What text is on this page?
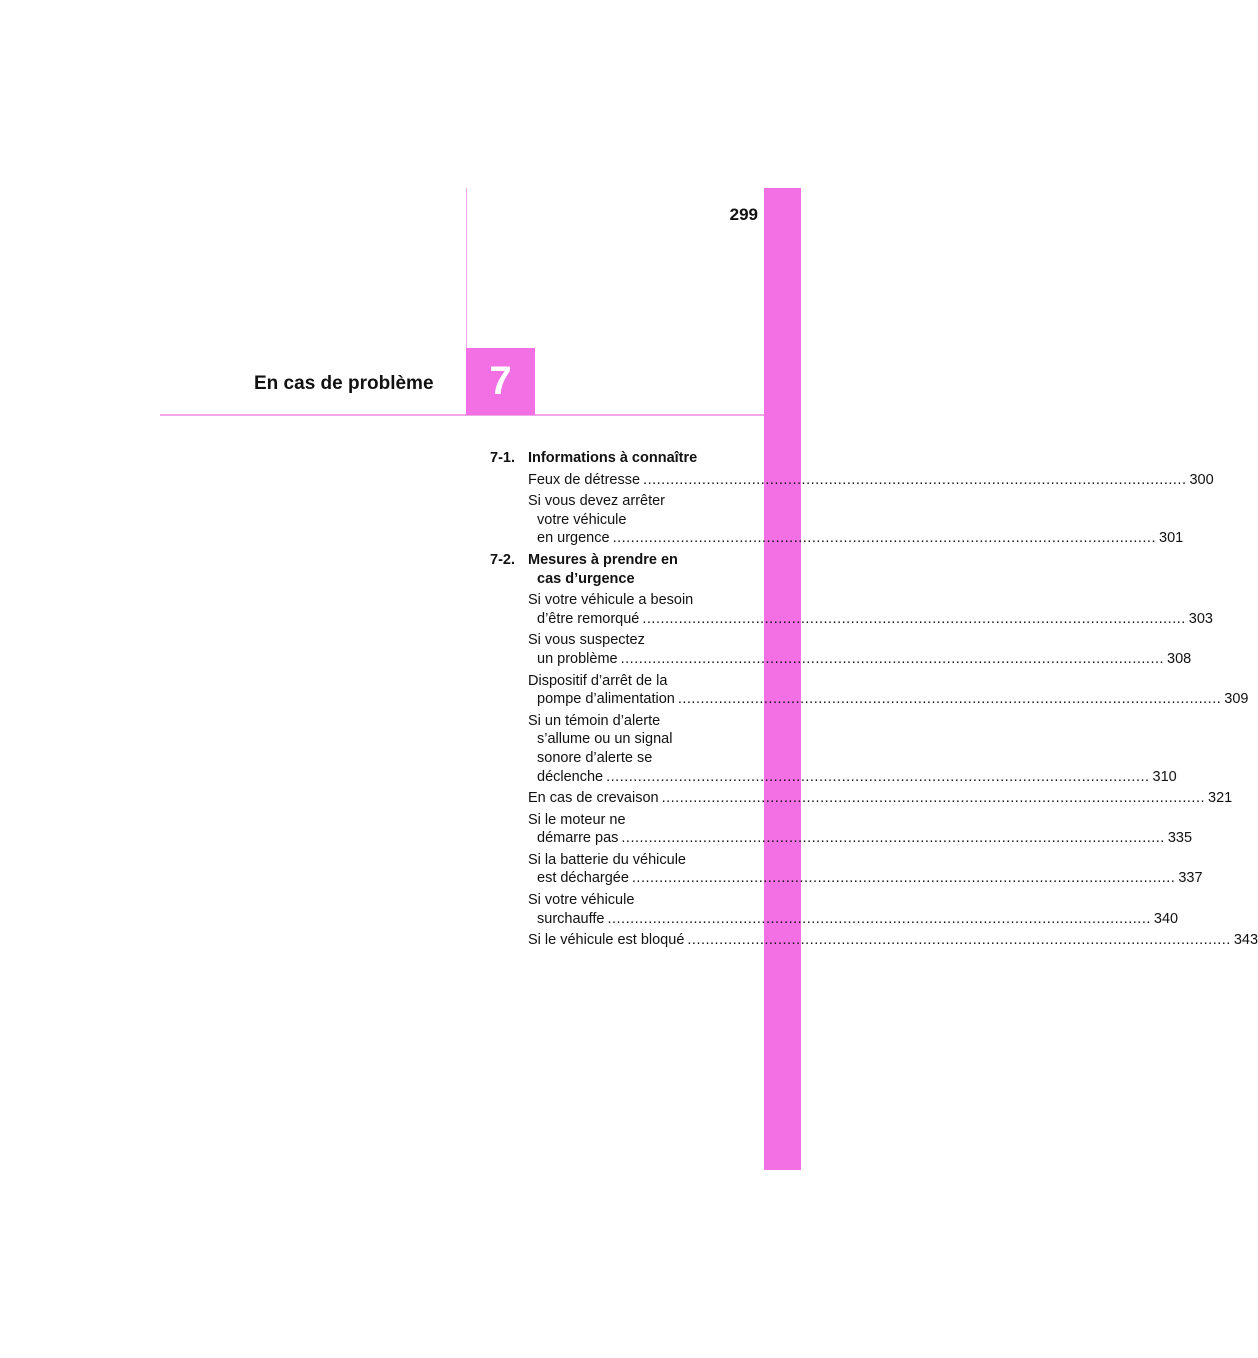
299
7
En cas de problème
7-1. Informations à connaître
Feux de détresse ........................................................................................................................ 300
Si vous devez arrêter
votre véhicule
en urgence ........................................................................................................................ 301
7-2. Mesures à prendre en
cas d’urgence
Si votre véhicule a besoin
d’être remorqué ........................................................................................................................ 303
Si vous suspectez
un problème ........................................................................................................................ 308
Dispositif d’arrêt de la
pompe d’alimentation ........................................................................................................................ 309
Si un témoin d’alerte
s’allume ou un signal
sonore d’alerte se
déclenche ........................................................................................................................ 310
En cas de crevaison ........................................................................................................................ 321
Si le moteur ne
démarre pas ........................................................................................................................ 335
Si la batterie du véhicule
est déchargée ........................................................................................................................ 337
Si votre véhicule
surchauffe ........................................................................................................................ 340
Si le véhicule est bloqué ........................................................................................................................ 343
